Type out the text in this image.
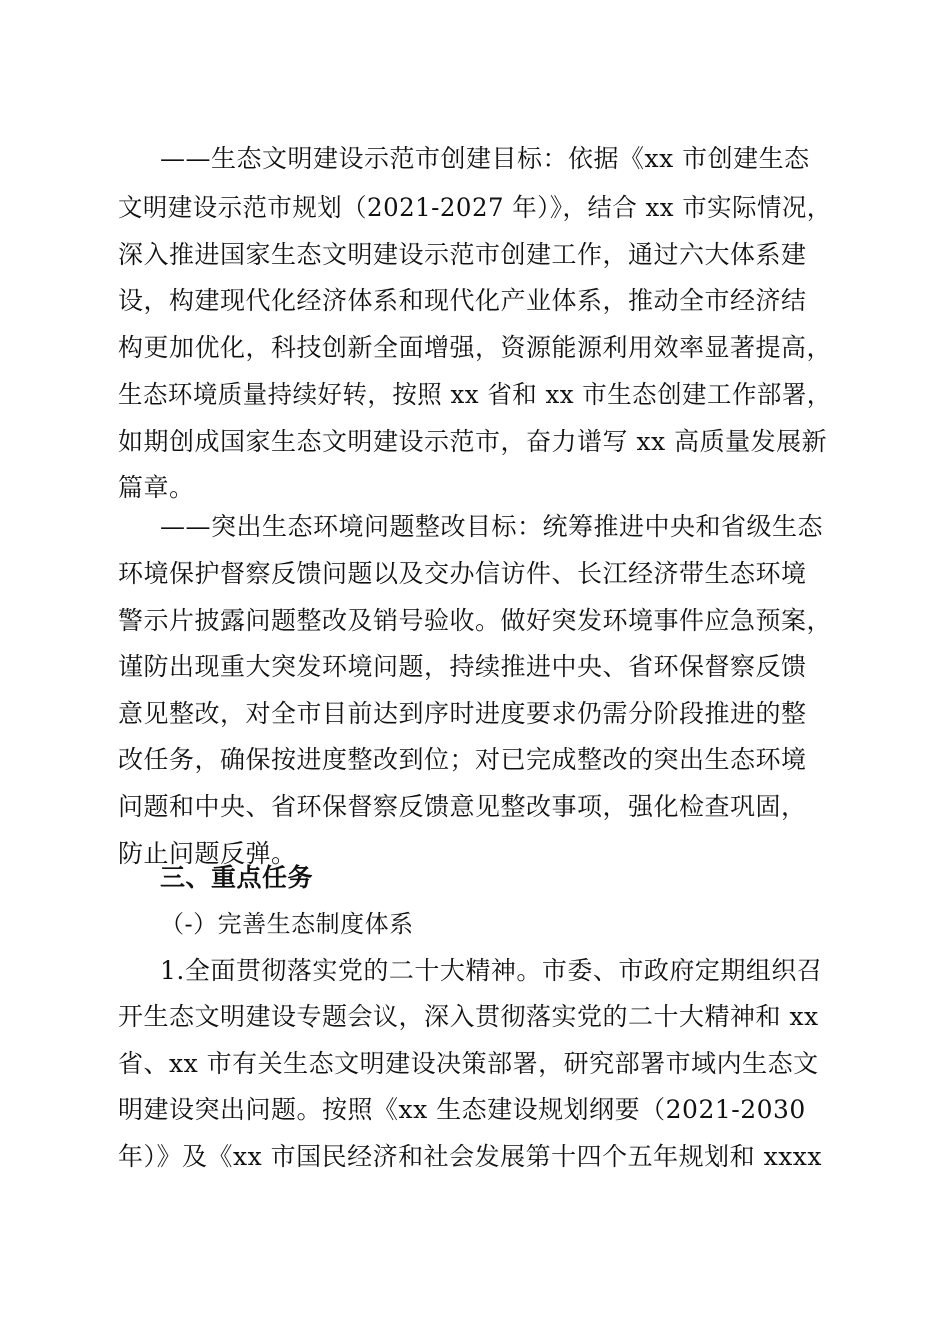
——生态文明建设示范市创建目标：依据《xx 市创建生态
文明建设示范市规划（2021-2027 年）》，结合 xx 市实际情况，
深入推进国家生态文明建设示范市创建工作，通过六大体系建
设，构建现代化经济体系和现代化产业体系，推动全市经济结
构更加优化，科技创新全面增强，资源能源利用效率显著提高，
生态环境质量持续好转，按照 xx 省和 xx 市生态创建工作部署，
如期创成国家生态文明建设示范市，奋力谱写 xx 高质量发展新
篇章。
——突出生态环境问题整改目标：统筹推进中央和省级生态
环境保护督察反馈问题以及交办信访件、长江经济带生态环境
警示片披露问题整改及销号验收。做好突发环境事件应急预案，
谨防出现重大突发环境问题，持续推进中央、省环保督察反馈
意见整改，对全市目前达到序时进度要求仍需分阶段推进的整
改任务，确保按进度整改到位；对已完成整改的突出生态环境
问题和中央、省环保督察反馈意见整改事项，强化检查巩固，
防止问题反弹。
三、重点任务
（-）完善生态制度体系
1.全面贯彻落实党的二十大精神。市委、市政府定期组织召
开生态文明建设专题会议，深入贯彻落实党的二十大精神和 xx
省、xx 市有关生态文明建设决策部署，研究部署市域内生态文
明建设突出问题。按照《xx 生态建设规划纲要（2021-2030
年）》及《xx 市国民经济和社会发展第十四个五年规划和 xxxx
